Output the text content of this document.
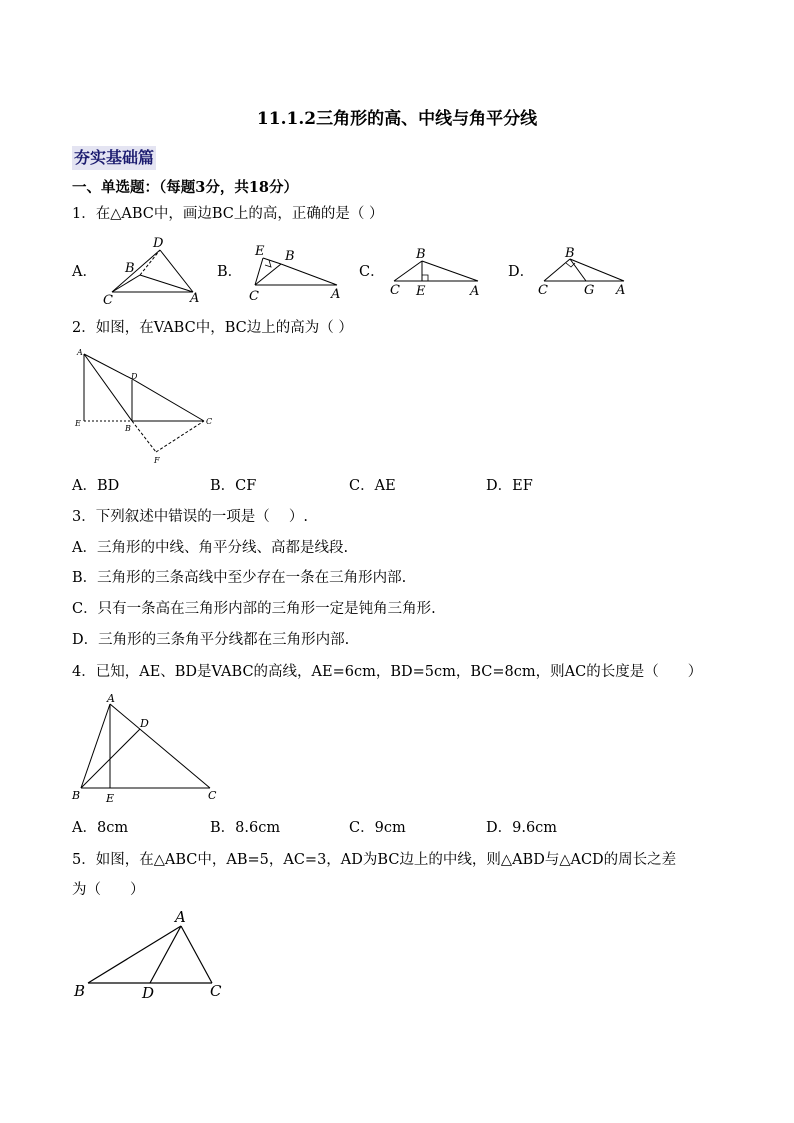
11.1.2三角形的高、中线与角平分线
夯实基础篇
一、单选题：（每题3分，共18分）
1．在△ABC中，画边BC上的高，正确的是（ ）
A．
D
B
C	A
B．
E B
C	A
C．
B
C E	A
D．
B
C	G A
2．如图，在VABC中，BC边上的高为（ ）
A
D
E
B
C
F
A．BD	B．CF	C．AE	D．EF
3．下列叙述中错误的一项是（　 ）.
A．三角形的中线、角平分线、高都是线段.
B．三角形的三条高线中至少存在一条在三角形内部.
C．只有一条高在三角形内部的三角形一定是钝角三角形.
D．三角形的三条角平分线都在三角形内部.
4．已知，AE、BD是VABC的高线，AE=6cm，BD=5cm，BC=8cm，则AC的长度是（　　）
A
D
B E	C
A．8cm	B．8.6cm	C．9cm	D．9.6cm
5．如图，在△ABC中，AB=5，AC=3，AD为BC边上的中线，则△ABD与△ACD的周长之差
为（　　）
A
B	D	C
